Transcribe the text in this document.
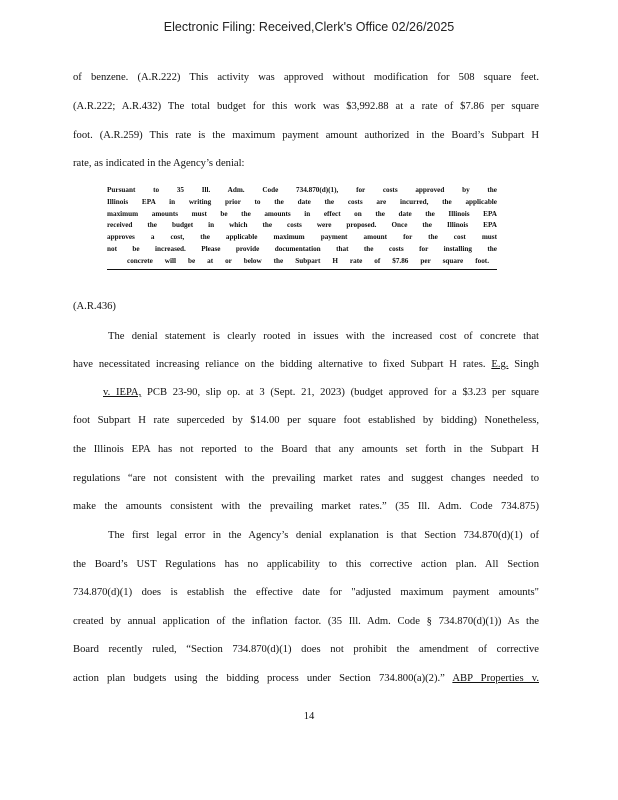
Electronic Filing: Received,Clerk's Office 02/26/2025
of benzene. (A.R.222) This activity was approved without modification for 508 square feet.
(A.R.222; A.R.432) The total budget for this work was $3,992.88 at a rate of $7.86 per square
foot. (A.R.259) This rate is the maximum payment amount authorized in the Board’s Subpart H
rate, as indicated in the Agency’s denial:
Pursuant to 35 Ill. Adm. Code 734.870(d)(1), for costs approved by the
Illinois EPA in writing prior to the date the costs are incurred, the applicable
maximum amounts must be the amounts in effect on the date the Illinois EPA
received the budget in which the costs were proposed. Once the Illinois EPA
approves a cost, the applicable maximum payment amount for the cost must
not be increased. Please provide documentation that the costs for installing the
concrete will be at or below the Subpart H rate of $7.86 per square foot.
(A.R.436)
The denial statement is clearly rooted in issues with the increased cost of concrete that
have necessitated increasing reliance on the bidding alternative to fixed Subpart H rates. E.g. Singh
v. IEPA, PCB 23-90, slip op. at 3 (Sept. 21, 2023) (budget approved for a $3.23 per square
foot Subpart H rate superceded by $14.00 per square foot established by bidding) Nonetheless,
the Illinois EPA has not reported to the Board that any amounts set forth in the Subpart H
regulations “are not consistent with the prevailing market rates and suggest changes needed to
make the amounts consistent with the prevailing market rates.” (35 Ill. Adm. Code 734.875)
The first legal error in the Agency’s denial explanation is that Section 734.870(d)(1) of
the Board’s UST Regulations has no applicability to this corrective action plan. All Section
734.870(d)(1) does is establish the effective date for "adjusted maximum payment amounts"
created by annual application of the inflation factor. (35 Ill. Adm. Code § 734.870(d)(1)) As the
Board recently ruled, “Section 734.870(d)(1) does not prohibit the amendment of corrective
action plan budgets using the bidding process under Section 734.800(a)(2).” ABP Properties v.
14
